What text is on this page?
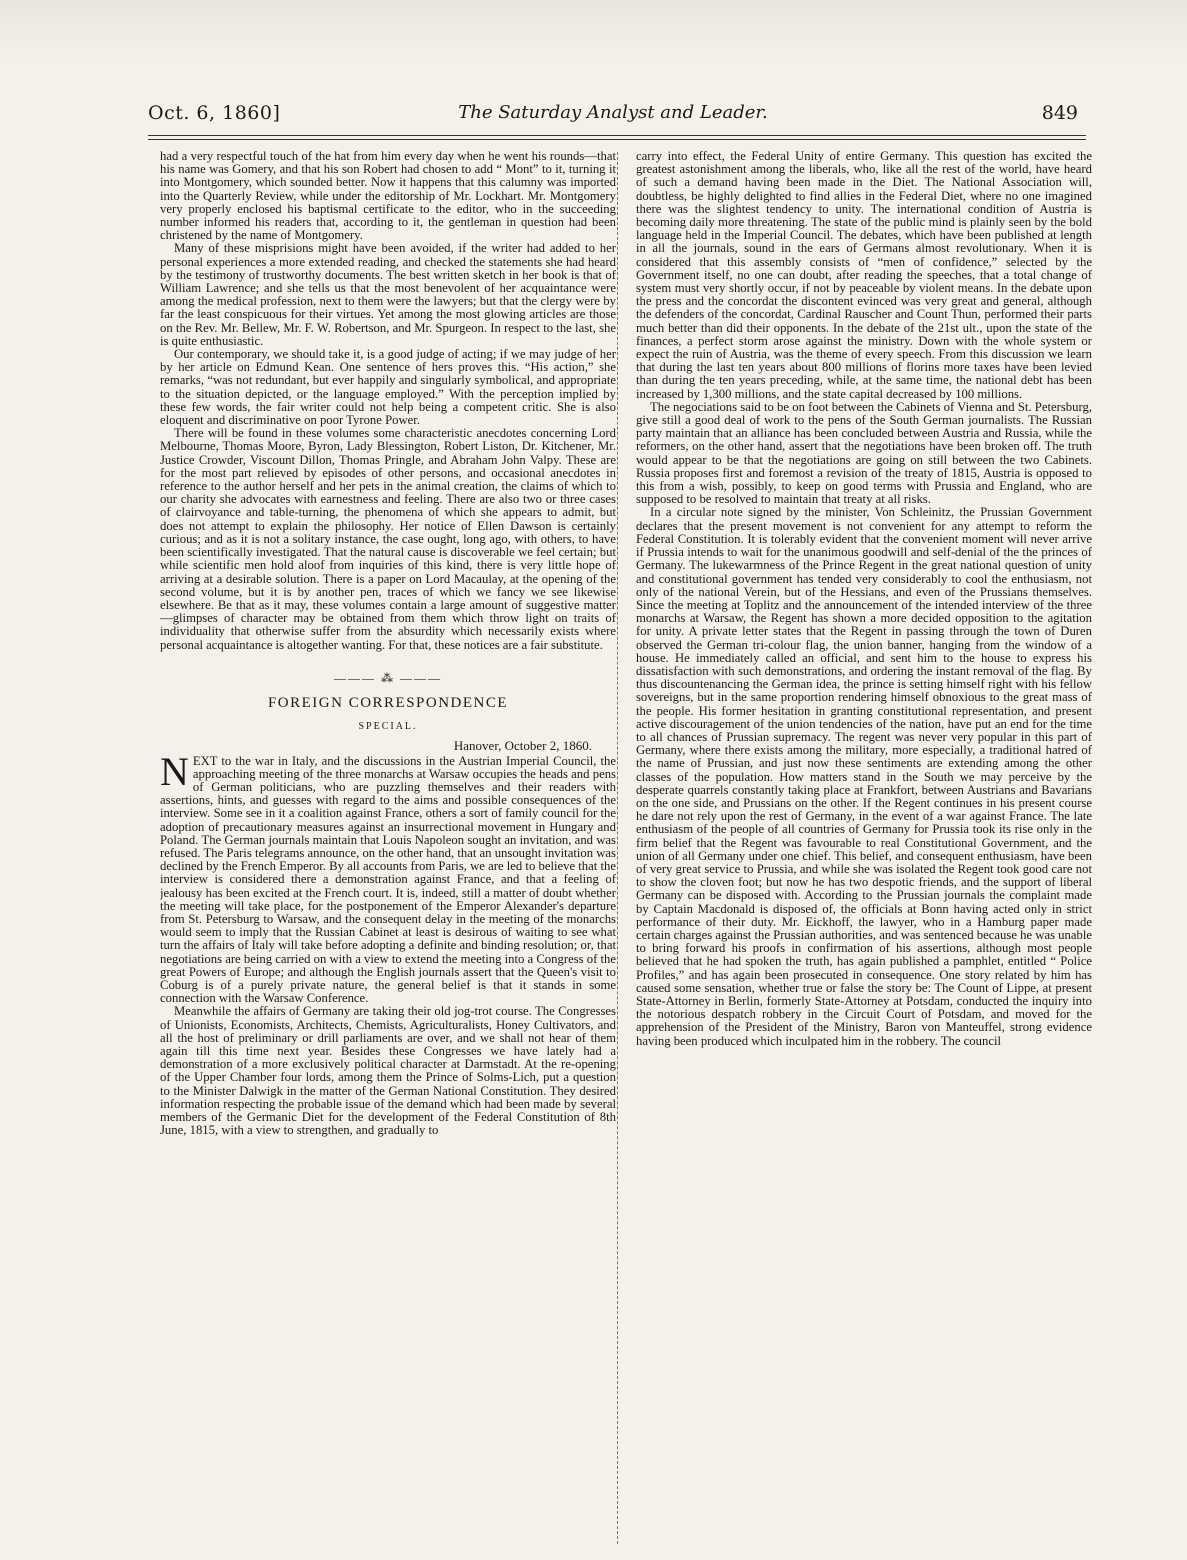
Oct. 6, 1860]	The Saturday Analyst and Leader.	849

had a very respectful touch of the hat from him every day when he went his rounds—that his name was Gomery, and that his son Robert had chosen to add “ Mont” to it, turning it into Montgomery, which sounded better. Now it happens that this calumny was imported into the Quarterly Review, while under the editorship of Mr. Lockhart. Mr. Montgomery very properly enclosed his baptismal certificate to the editor, who in the succeeding number informed his readers that, according to it, the gentleman in question had been christened by the name of Montgomery.

Many of these misprisions might have been avoided, if the writer had added to her personal experiences a more extended reading, and checked the statements she had heard by the testimony of trustworthy documents. The best written sketch in her book is that of William Lawrence; and she tells us that the most benevolent of her acquaintance were among the medical profession, next to them were the lawyers; but that the clergy were by far the least conspicuous for their virtues. Yet among the most glowing articles are those on the Rev. Mr. Bellew, Mr. F. W. Robertson, and Mr. Spurgeon. In respect to the last, she is quite enthusiastic.

Our contemporary, we should take it, is a good judge of acting; if we may judge of her by her article on Edmund Kean. One sentence of hers proves this. “His action,” she remarks, “was not redundant, but ever happily and singularly symbolical, and appropriate to the situation depicted, or the language employed.” With the perception implied by these few words, the fair writer could not help being a competent critic. She is also eloquent and discriminative on poor Tyrone Power.

There will be found in these volumes some characteristic anecdotes concerning Lord Melbourne, Thomas Moore, Byron, Lady Blessington, Robert Liston, Dr. Kitchener, Mr. Justice Crowder, Viscount Dillon, Thomas Pringle, and Abraham John Valpy. These are for the most part relieved by episodes of other persons, and occasional anecdotes in reference to the author herself and her pets in the animal creation, the claims of which to our charity she advocates with earnestness and feeling. There are also two or three cases of clairvoyance and table-turning, the phenomena of which she appears to admit, but does not attempt to explain the philosophy. Her notice of Ellen Dawson is certainly curious; and as it is not a solitary instance, the case ought, long ago, with others, to have been scientifically investigated. That the natural cause is discoverable we feel certain; but while scientific men hold aloof from inquiries of this kind, there is very little hope of arriving at a desirable solution. There is a paper on Lord Macaulay, at the opening of the second volume, but it is by another pen, traces of which we fancy we see likewise elsewhere. Be that as it may, these volumes contain a large amount of suggestive matter—glimpses of character may be obtained from them which throw light on traits of individuality that otherwise suffer from the absurdity which necessarily exists where personal acquaintance is altogether wanting. For that, these notices are a fair substitute.

——— ⁂ ———
FOREIGN CORRESPONDENCE
SPECIAL.
Hanover, October 2, 1860.

NEXT to the war in Italy, and the discussions in the Austrian Imperial Council, the approaching meeting of the three monarchs at Warsaw occupies the heads and pens of German politicians, who are puzzling themselves and their readers with assertions, hints, and guesses with regard to the aims and possible consequences of the interview. Some see in it a coalition against France, others a sort of family council for the adoption of precautionary measures against an insurrectional movement in Hungary and Poland. The German journals maintain that Louis Napoleon sought an invitation, and was refused. The Paris telegrams announce, on the other hand, that an unsought invitation was declined by the French Emperor. By all accounts from Paris, we are led to believe that the interview is considered there a demonstration against France, and that a feeling of jealousy has been excited at the French court. It is, indeed, still a matter of doubt whether the meeting will take place, for the postponement of the Emperor Alexander's departure from St. Petersburg to Warsaw, and the consequent delay in the meeting of the monarchs would seem to imply that the Russian Cabinet at least is desirous of waiting to see what turn the affairs of Italy will take before adopting a definite and binding resolution; or, that negotiations are being carried on with a view to extend the meeting into a Congress of the great Powers of Europe; and although the English journals assert that the Queen's visit to Coburg is of a purely private nature, the general belief is that it stands in some connection with the Warsaw Conference.

Meanwhile the affairs of Germany are taking their old jog-trot course. The Congresses of Unionists, Economists, Architects, Chemists, Agriculturalists, Honey Cultivators, and all the host of preliminary or drill parliaments are over, and we shall not hear of them again till this time next year. Besides these Congresses we have lately had a demonstration of a more exclusively political character at Darmstadt. At the re-opening of the Upper Chamber four lords, among them the Prince of Solms-Lich, put a question to the Minister Dalwigk in the matter of the German National Constitution. They desired information respecting the probable issue of the demand which had been made by several members of the Germanic Diet for the development of the Federal Constitution of 8th June, 1815, with a view to strengthen, and gradually to

carry into effect, the Federal Unity of entire Germany. This question has excited the greatest astonishment among the liberals, who, like all the rest of the world, have heard of such a demand having been made in the Diet. The National Association will, doubtless, be highly delighted to find allies in the Federal Diet, where no one imagined there was the slightest tendency to unity. The international condition of Austria is becoming daily more threatening. The state of the public mind is plainly seen by the bold language held in the Imperial Council. The debates, which have been published at length in all the journals, sound in the ears of Germans almost revolutionary. When it is considered that this assembly consists of “men of confidence,” selected by the Government itself, no one can doubt, after reading the speeches, that a total change of system must very shortly occur, if not by peaceable by violent means. In the debate upon the press and the concordat the discontent evinced was very great and general, although the defenders of the concordat, Cardinal Rauscher and Count Thun, performed their parts much better than did their opponents. In the debate of the 21st ult., upon the state of the finances, a perfect storm arose against the ministry. Down with the whole system or expect the ruin of Austria, was the theme of every speech. From this discussion we learn that during the last ten years about 800 millions of florins more taxes have been levied than during the ten years preceding, while, at the same time, the national debt has been increased by 1,300 millions, and the state capital decreased by 100 millions.

The negociations said to be on foot between the Cabinets of Vienna and St. Petersburg, give still a good deal of work to the pens of the South German journalists. The Russian party maintain that an alliance has been concluded between Austria and Russia, while the reformers, on the other hand, assert that the negotiations have been broken off. The truth would appear to be that the negotiations are going on still between the two Cabinets. Russia proposes first and foremost a revision of the treaty of 1815, Austria is opposed to this from a wish, possibly, to keep on good terms with Prussia and England, who are supposed to be resolved to maintain that treaty at all risks.

In a circular note signed by the minister, Von Schleinitz, the Prussian Government declares that the present movement is not convenient for any attempt to reform the Federal Constitution. It is tolerably evident that the convenient moment will never arrive if Prussia intends to wait for the unanimous goodwill and self-denial of the the princes of Germany. The lukewarmness of the Prince Regent in the great national question of unity and constitutional government has tended very considerably to cool the enthusiasm, not only of the national Verein, but of the Hessians, and even of the Prussians themselves. Since the meeting at Toplitz and the announcement of the intended interview of the three monarchs at Warsaw, the Regent has shown a more decided opposition to the agitation for unity. A private letter states that the Regent in passing through the town of Duren observed the German tri-colour flag, the union banner, hanging from the window of a house. He immediately called an official, and sent him to the house to express his dissatisfaction with such demonstrations, and ordering the instant removal of the flag. By thus discountenancing the German idea, the prince is setting himself right with his fellow sovereigns, but in the same proportion rendering himself obnoxious to the great mass of the people. His former hesitation in granting constitutional representation, and present active discouragement of the union tendencies of the nation, have put an end for the time to all chances of Prussian supremacy. The regent was never very popular in this part of Germany, where there exists among the military, more especially, a traditional hatred of the name of Prussian, and just now these sentiments are extending among the other classes of the population. How matters stand in the South we may perceive by the desperate quarrels constantly taking place at Frankfort, between Austrians and Bavarians on the one side, and Prussians on the other. If the Regent continues in his present course he dare not rely upon the rest of Germany, in the event of a war against France. The late enthusiasm of the people of all countries of Germany for Prussia took its rise only in the firm belief that the Regent was favourable to real Constitutional Government, and the union of all Germany under one chief. This belief, and consequent enthusiasm, have been of very great service to Prussia, and while she was isolated the Regent took good care not to show the cloven foot; but now he has two despotic friends, and the support of liberal Germany can be disposed with. According to the Prussian journals the complaint made by Captain Macdonald is disposed of, the officials at Bonn having acted only in strict performance of their duty. Mr. Eickhoff, the lawyer, who in a Hamburg paper made certain charges against the Prussian authorities, and was sentenced because he was unable to bring forward his proofs in confirmation of his assertions, although most people believed that he had spoken the truth, has again published a pamphlet, entitled “ Police Profiles,” and has again been prosecuted in consequence. One story related by him has caused some sensation, whether true or false the story be: The Count of Lippe, at present State-Attorney in Berlin, formerly State-Attorney at Potsdam, conducted the inquiry into the notorious despatch robbery in the Circuit Court of Potsdam, and moved for the apprehension of the President of the Ministry, Baron von Manteuffel, strong evidence having been produced which inculpated him in the robbery. The council
